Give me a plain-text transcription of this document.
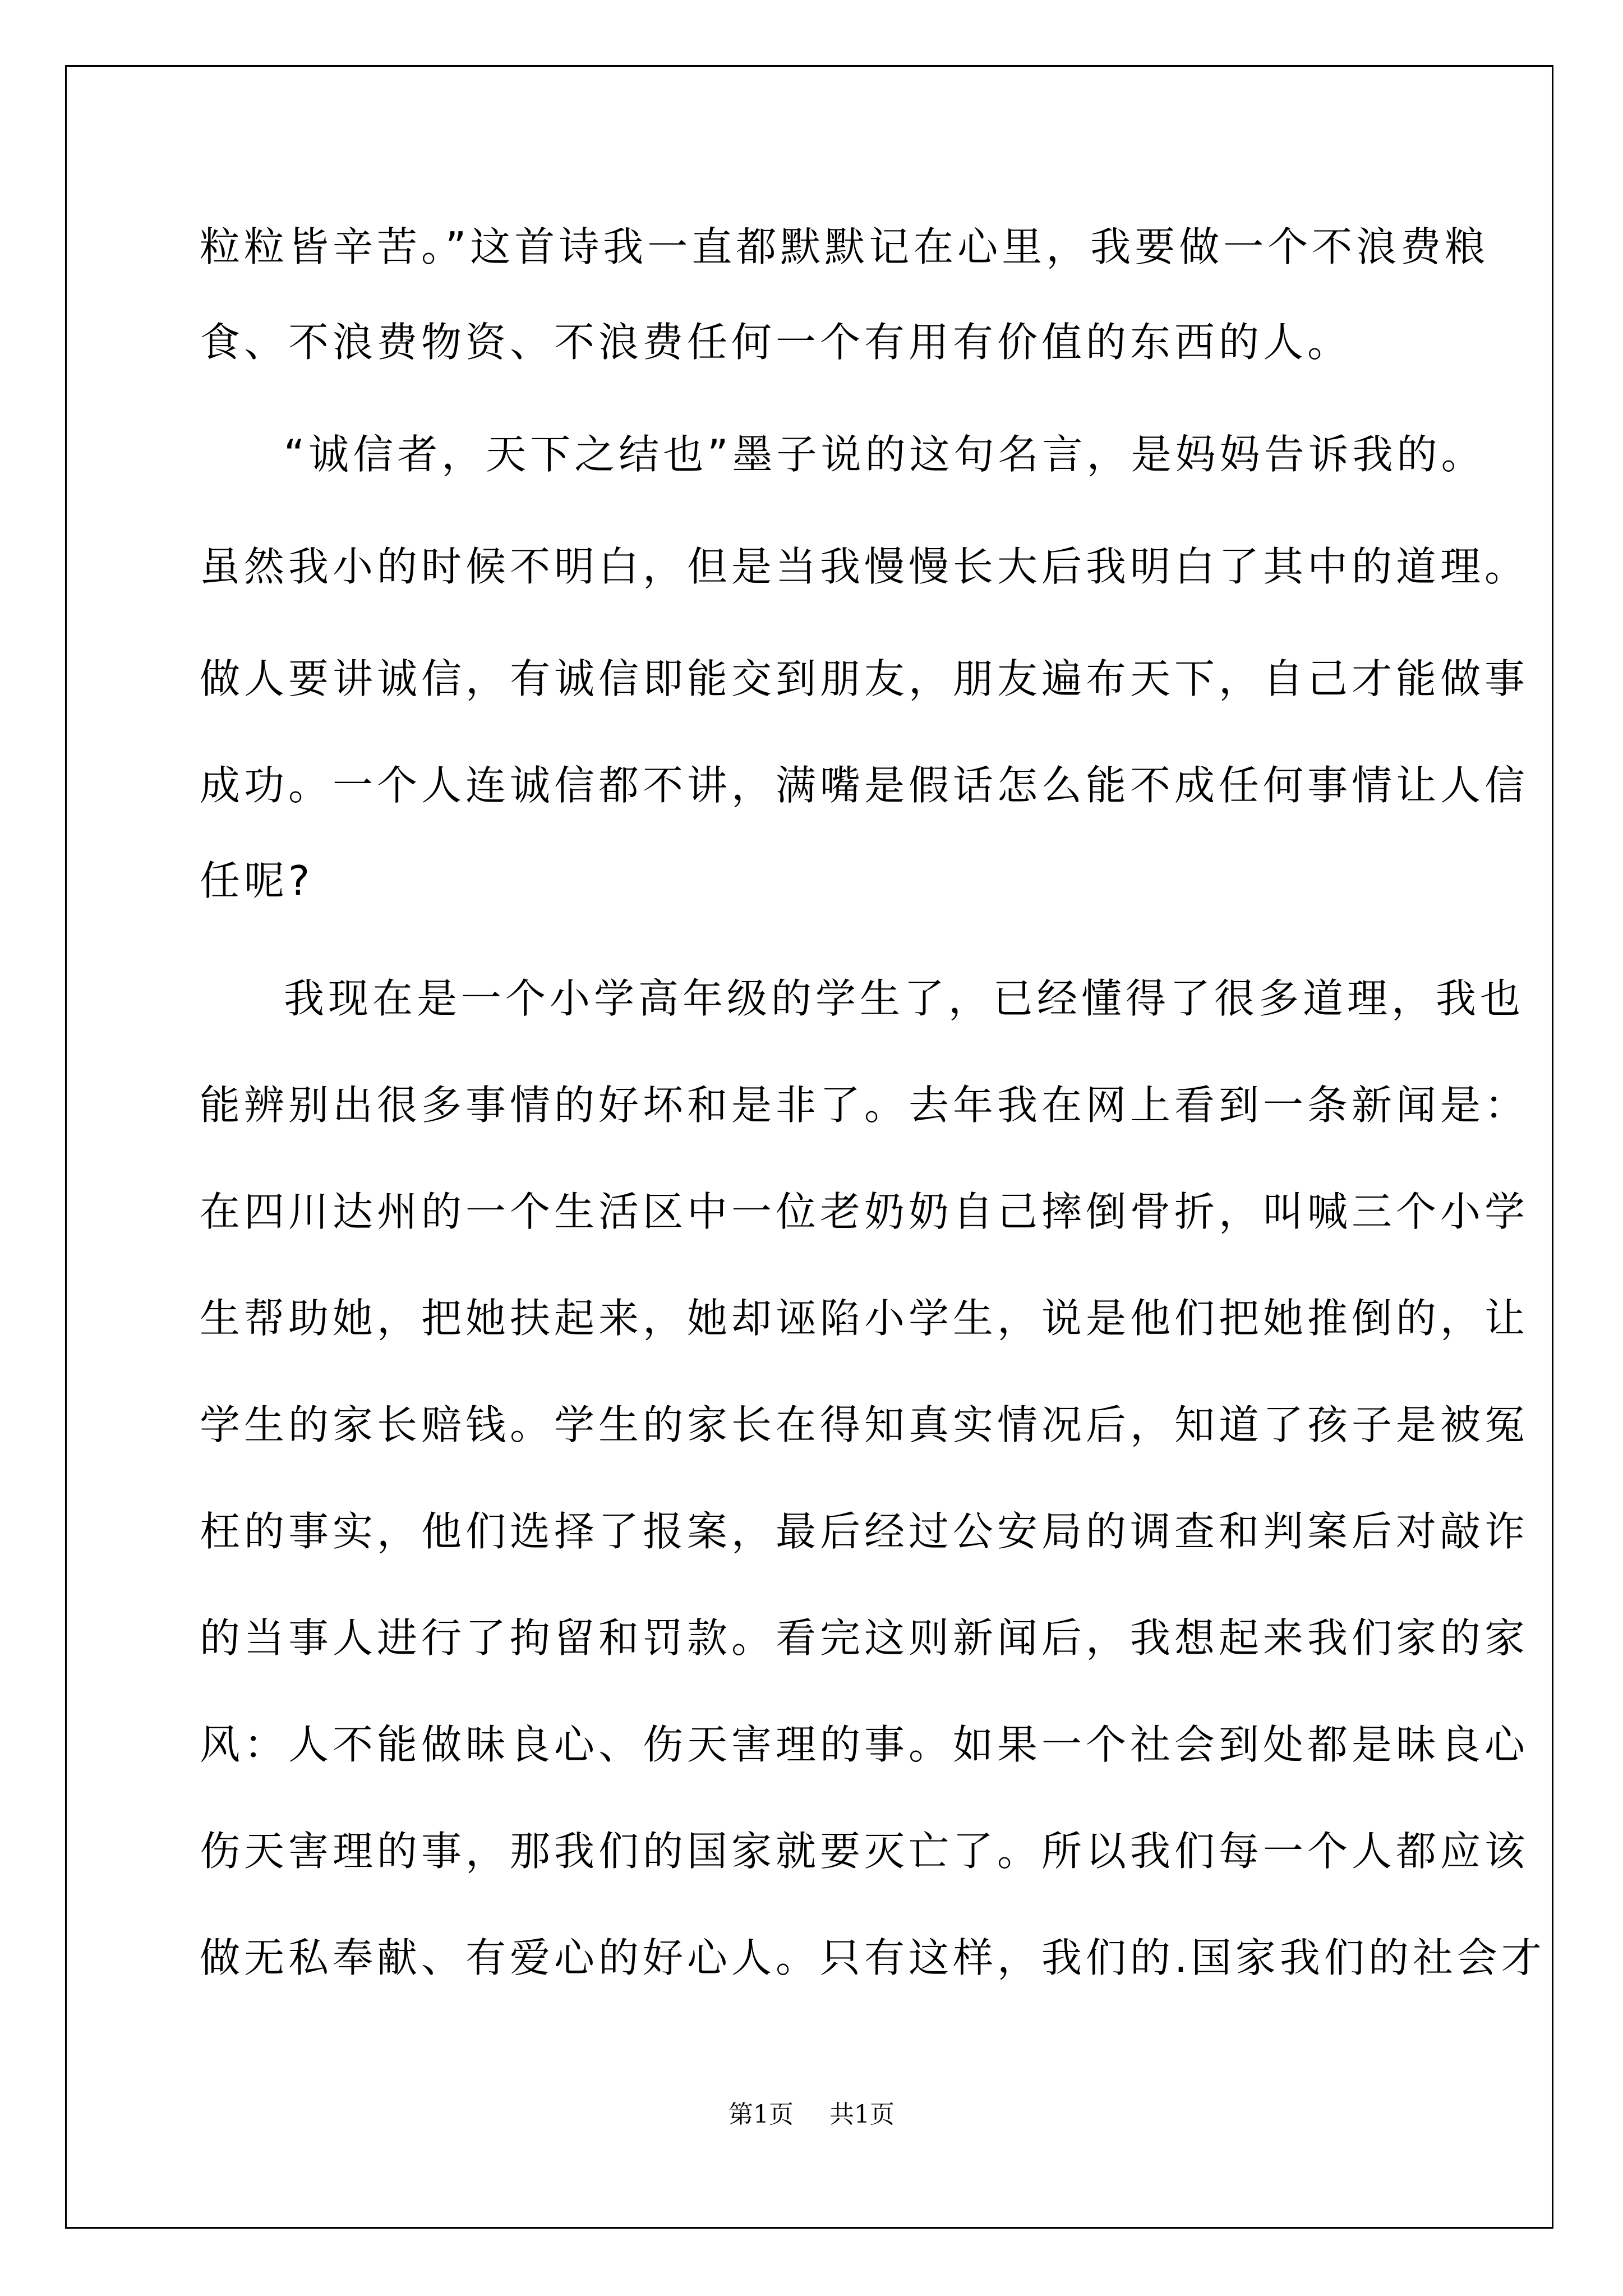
粒粒皆辛苦。”这首诗我一直都默默记在心里，我要做一个不浪费粮
食、不浪费物资、不浪费任何一个有用有价值的东西的人。
“诚信者，天下之结也”墨子说的这句名言，是妈妈告诉我的。
虽然我小的时候不明白，但是当我慢慢长大后我明白了其中的道理。
做人要讲诚信，有诚信即能交到朋友，朋友遍布天下，自己才能做事
成功。一个人连诚信都不讲，满嘴是假话怎么能不成任何事情让人信
任呢?
我现在是一个小学高年级的学生了，已经懂得了很多道理，我也
能辨别出很多事情的好坏和是非了。去年我在网上看到一条新闻是：
在四川达州的一个生活区中一位老奶奶自己摔倒骨折，叫喊三个小学
生帮助她，把她扶起来，她却诬陷小学生，说是他们把她推倒的，让
学生的家长赔钱。学生的家长在得知真实情况后，知道了孩子是被冤
枉的事实，他们选择了报案，最后经过公安局的调查和判案后对敲诈
的当事人进行了拘留和罚款。看完这则新闻后，我想起来我们家的家
风：人不能做昧良心、伤天害理的事。如果一个社会到处都是昧良心
伤天害理的事，那我们的国家就要灭亡了。所以我们每一个人都应该
做无私奉献、有爱心的好心人。只有这样，我们的.国家我们的社会才
第1页 共1页
